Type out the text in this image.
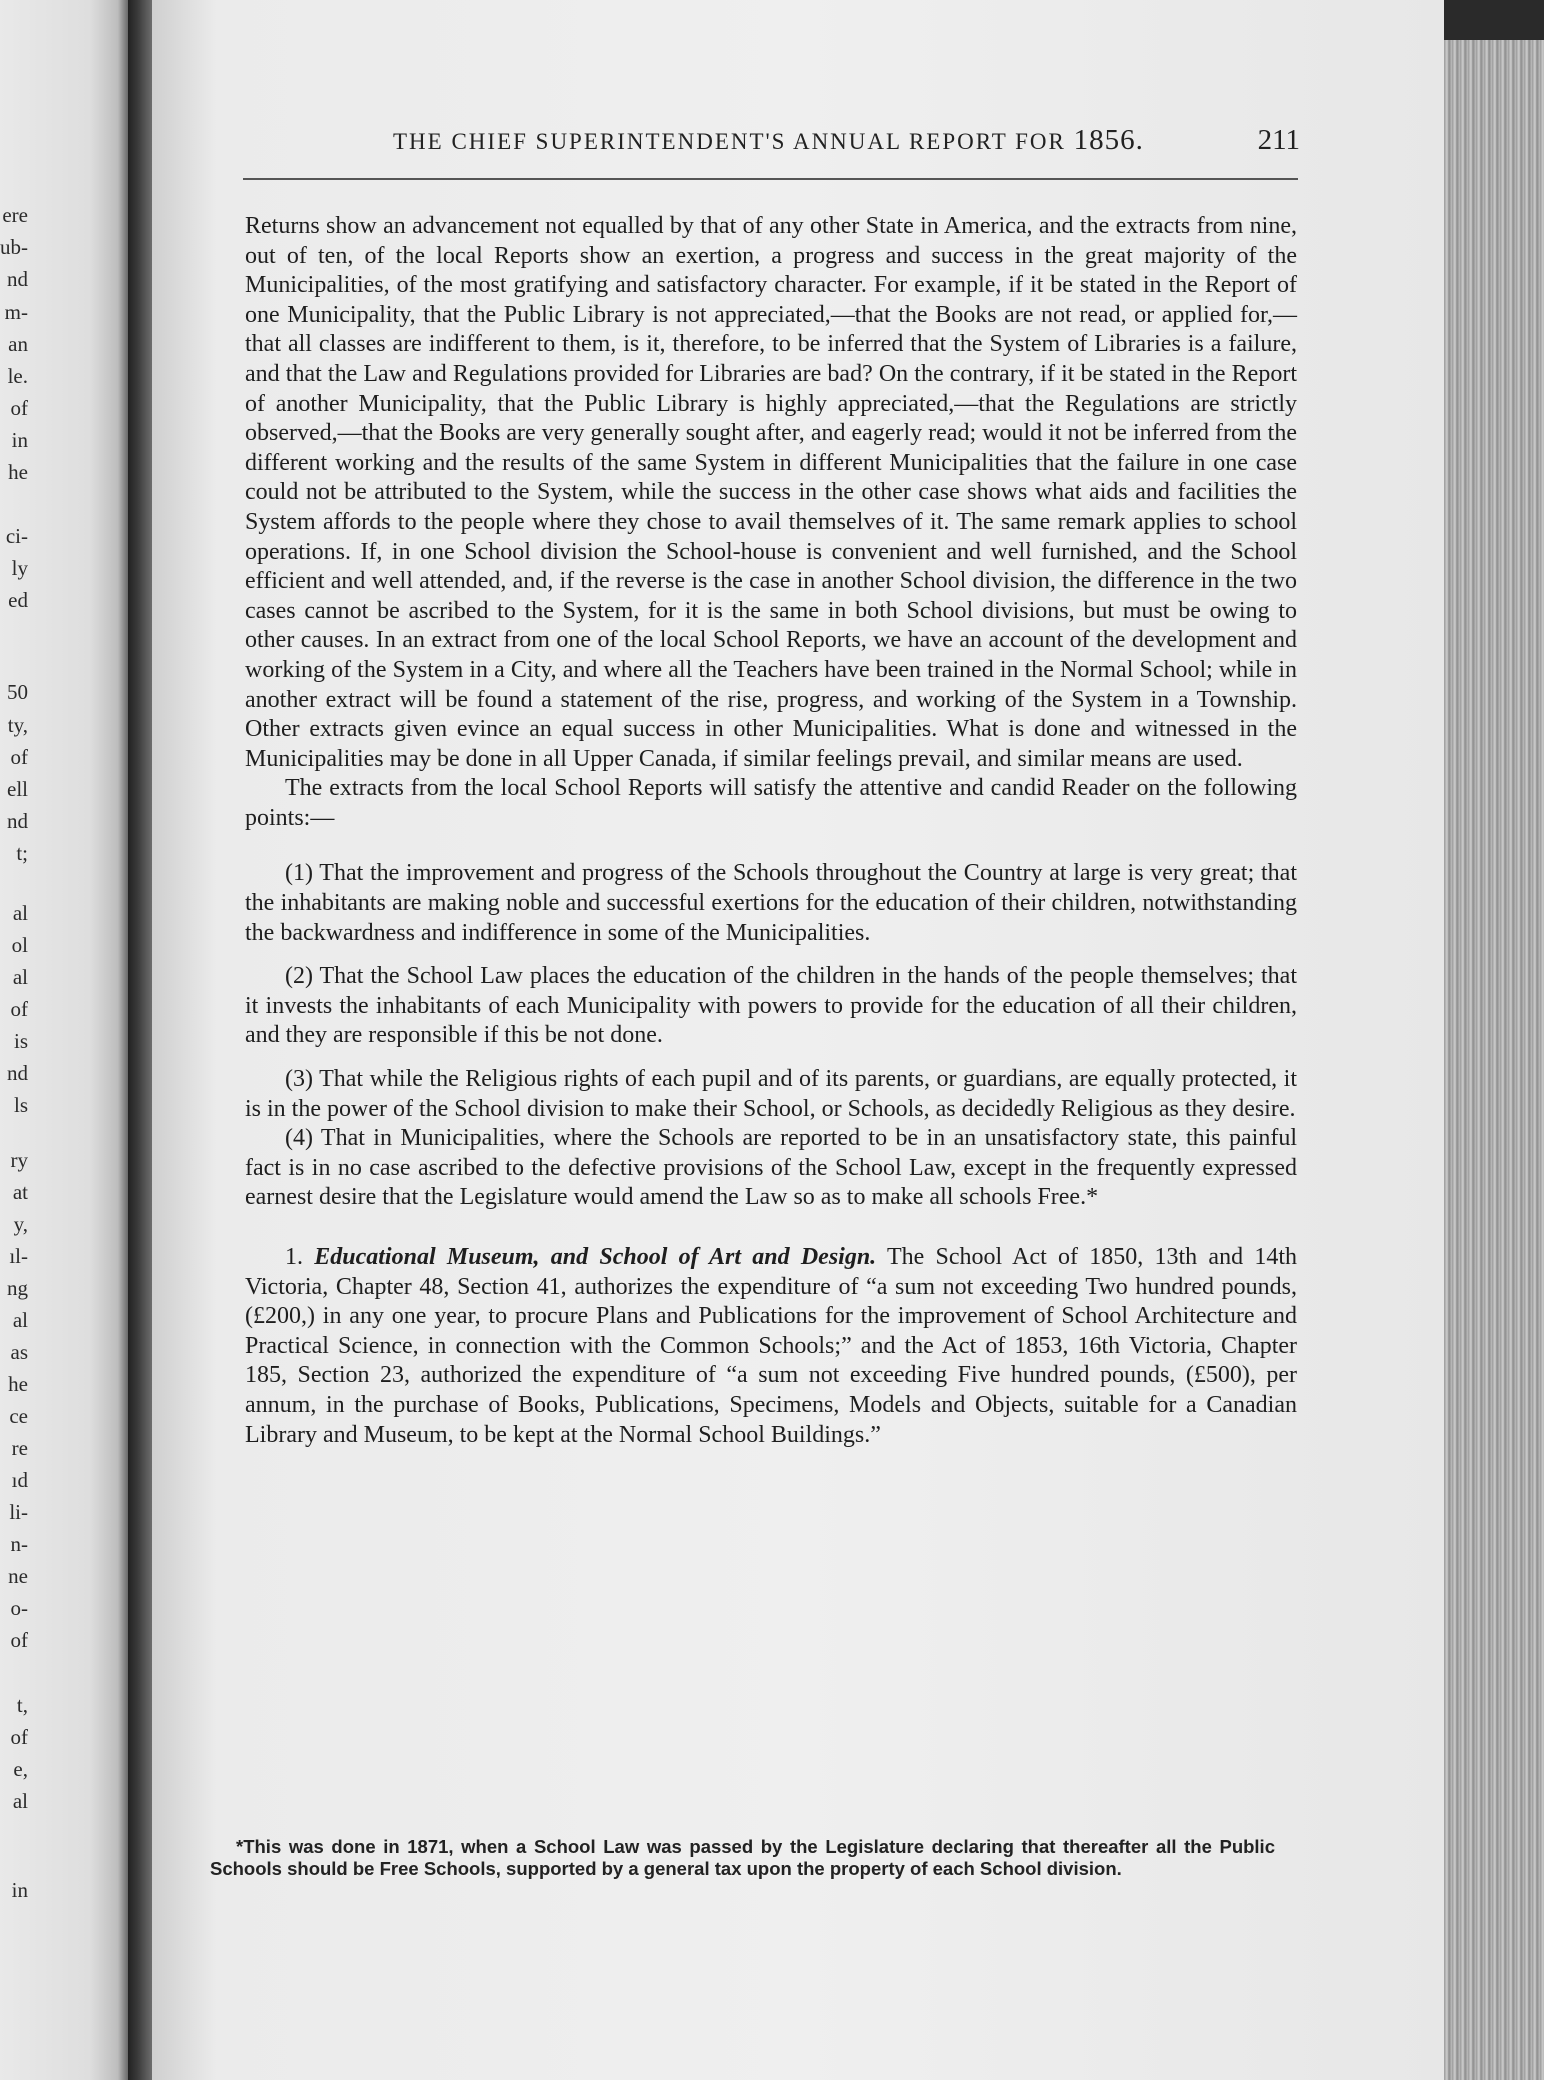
ere
ub-
nd
m-
an
le.
of
in
he
ci-
ly
ed
50
ty,
of
ell
nd
t;
al
ol
al
of
is
nd
ls
ry
at
y,
ıl-
ng
al
as
he
ce
re
ıd
li-
n-
ne
o-
of
t,
of
e,
al
in
THE CHIEF SUPERINTENDENT'S ANNUAL REPORT FOR 1856.	211

Returns show an advancement not equalled by that of any other State in America, and the extracts from nine, out of ten, of the local Reports show an exertion, a progress and success in the great majority of the Municipalities, of the most gratifying and satisfactory character. For example, if it be stated in the Report of one Municipality, that the Public Library is not appreciated,—that the Books are not read, or applied for,—that all classes are indifferent to them, is it, therefore, to be inferred that the System of Libraries is a failure, and that the Law and Regulations provided for Libraries are bad? On the contrary, if it be stated in the Report of another Municipality, that the Public Library is highly appreciated,—that the Regulations are strictly observed,—that the Books are very generally sought after, and eagerly read; would it not be inferred from the different working and the results of the same System in different Municipalities that the failure in one case could not be attributed to the System, while the success in the other case shows what aids and facilities the System affords to the people where they chose to avail themselves of it. The same remark applies to school operations. If, in one School division the School-house is convenient and well furnished, and the School efficient and well attended, and, if the reverse is the case in another School division, the difference in the two cases cannot be ascribed to the System, for it is the same in both School divisions, but must be owing to other causes. In an extract from one of the local School Reports, we have an account of the development and working of the System in a City, and where all the Teachers have been trained in the Normal School; while in another extract will be found a statement of the rise, progress, and working of the System in a Township. Other extracts given evince an equal success in other Municipalities. What is done and witnessed in the Municipalities may be done in all Upper Canada, if similar feelings prevail, and similar means are used.

The extracts from the local School Reports will satisfy the attentive and candid Reader on the following points:—

(1) That the improvement and progress of the Schools throughout the Country at large is very great; that the inhabitants are making noble and successful exertions for the education of their children, notwithstanding the backwardness and indifference in some of the Municipalities.

(2) That the School Law places the education of the children in the hands of the people themselves; that it invests the inhabitants of each Municipality with powers to provide for the education of all their children, and they are responsible if this be not done.

(3) That while the Religious rights of each pupil and of its parents, or guardians, are equally protected, it is in the power of the School division to make their School, or Schools, as decidedly Religious as they desire.

(4) That in Municipalities, where the Schools are reported to be in an unsatisfactory state, this painful fact is in no case ascribed to the defective provisions of the School Law, except in the frequently expressed earnest desire that the Legislature would amend the Law so as to make all schools Free.*

1. Educational Museum, and School of Art and Design. The School Act of 1850, 13th and 14th Victoria, Chapter 48, Section 41, authorizes the expenditure of “a sum not exceeding Two hundred pounds, (£200,) in any one year, to procure Plans and Publications for the improvement of School Architecture and Practical Science, in connection with the Common Schools;” and the Act of 1853, 16th Victoria, Chapter 185, Section 23, authorized the expenditure of “a sum not exceeding Five hundred pounds, (£500), per annum, in the purchase of Books, Publications, Specimens, Models and Objects, suitable for a Canadian Library and Museum, to be kept at the Normal School Buildings.”

*This was done in 1871, when a School Law was passed by the Legislature declaring that thereafter all the Public Schools should be Free Schools, supported by a general tax upon the property of each School division.
